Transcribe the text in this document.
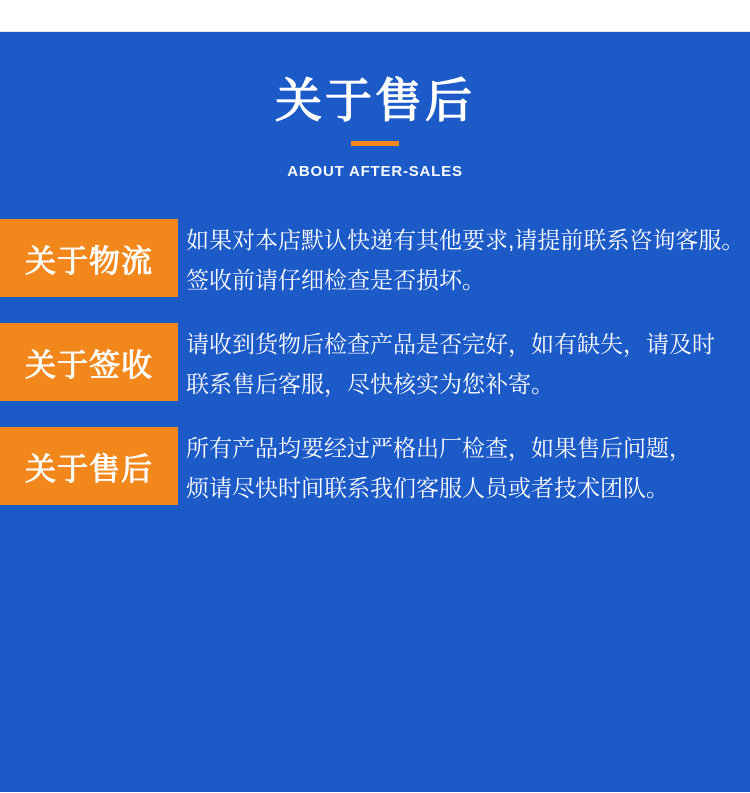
关于售后
ABOUT AFTER-SALES
关于物流
如果对本店默认快递有其他要求,请提前联系咨询客服。
签收前请仔细检查是否损坏。
关于签收
请收到货物后检查产品是否完好，如有缺失，请及时
联系售后客服，尽快核实为您补寄。
关于售后
所有产品均要经过严格出厂检查，如果售后问题，
烦请尽快时间联系我们客服人员或者技术团队。
